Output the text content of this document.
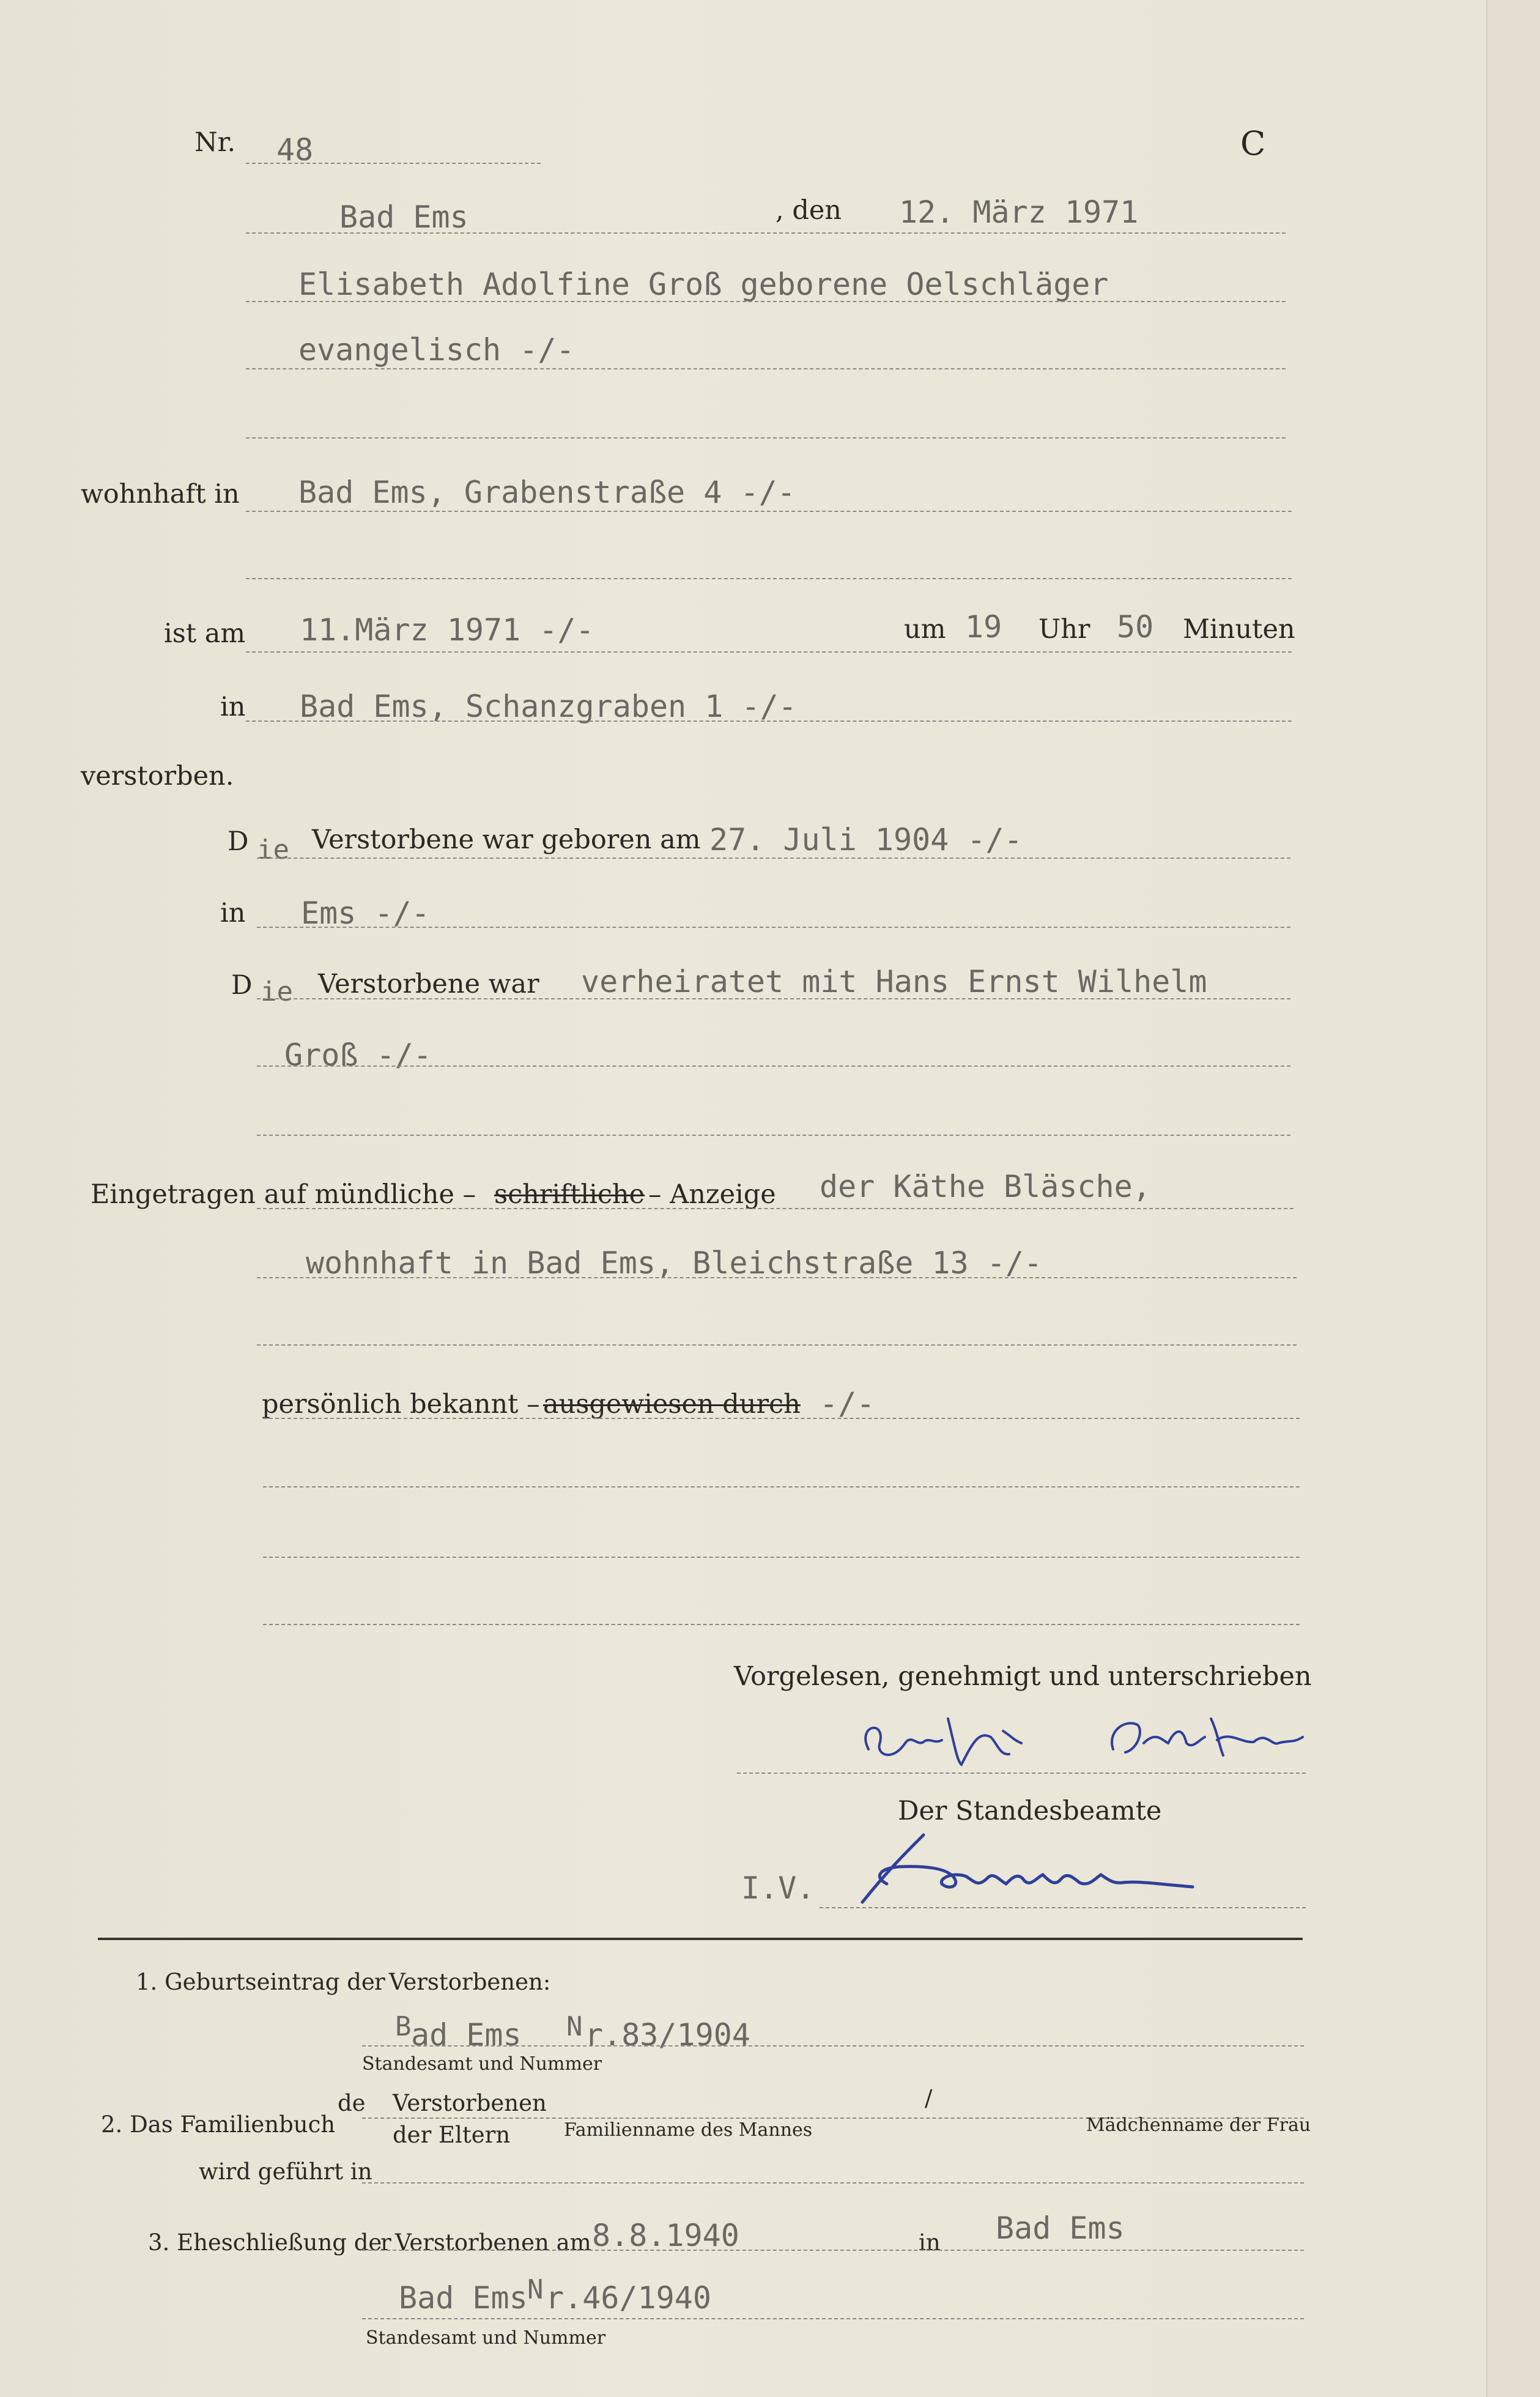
Nr. 48	C
Bad Ems	, den 12. März 1971
Elisabeth Adolfine Groß geborene Oelschläger
evangelisch -/-
wohnhaft in Bad Ems, Grabenstraße 4 -/-
ist am 11.März 1971 -/-	um 19 Uhr 50 Minuten
in Bad Ems, Schanzgraben 1 -/-
verstorben.
D ie Verstorbene war geboren am 27. Juli 1904 -/-
in Ems -/-
D ie Verstorbene war verheiratet mit Hans Ernst Wilhelm
Groß -/-
Eingetragen auf mündliche – schriftliche – Anzeige der Käthe Bläsche,
wohnhaft in Bad Ems, Bleichstraße 13 -/-
persönlich bekannt – ausgewiesen durch -/-
Vorgelesen, genehmigt und unterschrieben
Der Standesbeamte
I.V.
1. Geburtseintrag de r Verstorbenen:
B ad Ems N r.83/1904
Standesamt und Nummer
2. Das Familienbuch
de Verstorbenen
der Eltern
/
Familienname des Mannes	Mädchenname der Frau
wird geführt in
3. Eheschließung de
r Verstorbenen am 8.8.1940	in Bad Ems
Bad Ems N r.46/1940
Standesamt und Nummer
